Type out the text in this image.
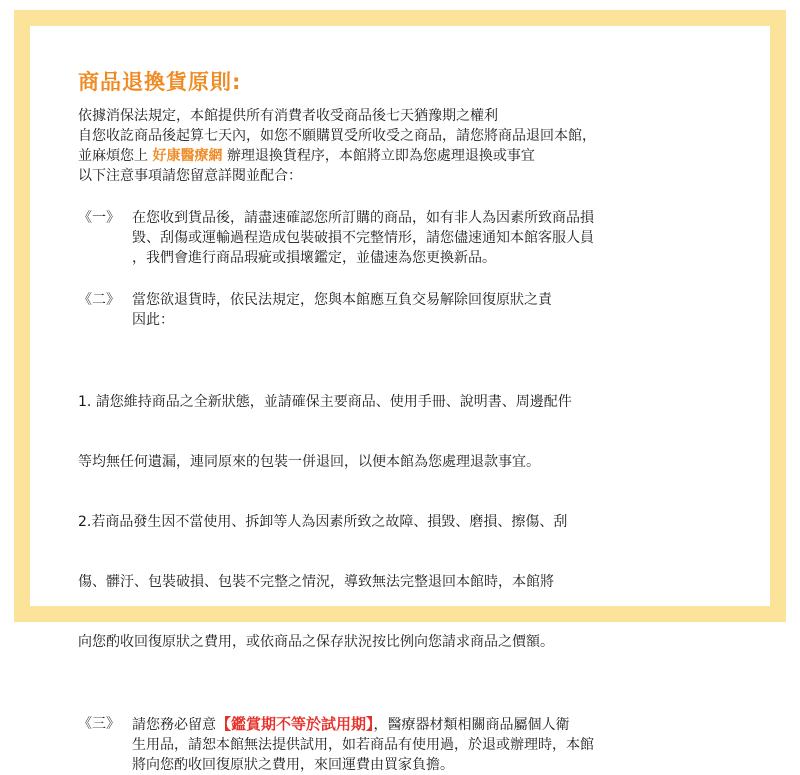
商品退換貨原則:

依據消保法規定，本館提供所有消費者收受商品後七天猶豫期之權利

自您收訖商品後起算七天內，如您不願購買受所收受之商品，請您將商品退回本館，

並麻煩您上 好康醫療網 辦理退換貨程序，本館將立即為您處理退換或事宜

以下注意事項請您留意詳閱並配合：

《一》 在您收到貨品後，請盡速確認您所訂購的商品，如有非人為因素所致商品損
毀、刮傷或運輸過程造成包裝破損不完整情形，請您儘速通知本館客服人員
，我們會進行商品瑕疵或損壞鑑定，並儘速為您更換新品。
《二》 當您欲退貨時，依民法規定，您與本館應互負交易解除回復原狀之責
因此：

1. 請您維持商品之全新狀態，並請確保主要商品、使用手冊、說明書、周邊配件

等均無任何遺漏，連同原來的包裝一併退回，以便本館為您處理退款事宜。

2.若商品發生因不當使用、拆卸等人為因素所致之故障、損毀、磨損、擦傷、刮

傷、髒汙、包裝破損、包裝不完整之情況，導致無法完整退回本館時，本館將

向您酌收回復原狀之費用，或依商品之保存狀況按比例向您請求商品之價額。

《三》 請您務必留意【鑑賞期不等於試用期】，醫療器材類相關商品屬個人衛
生用品，請恕本館無法提供試用，如若商品有使用過，於退或辦理時，本館
將向您酌收回復原狀之費用，來回運費由買家負擔。
